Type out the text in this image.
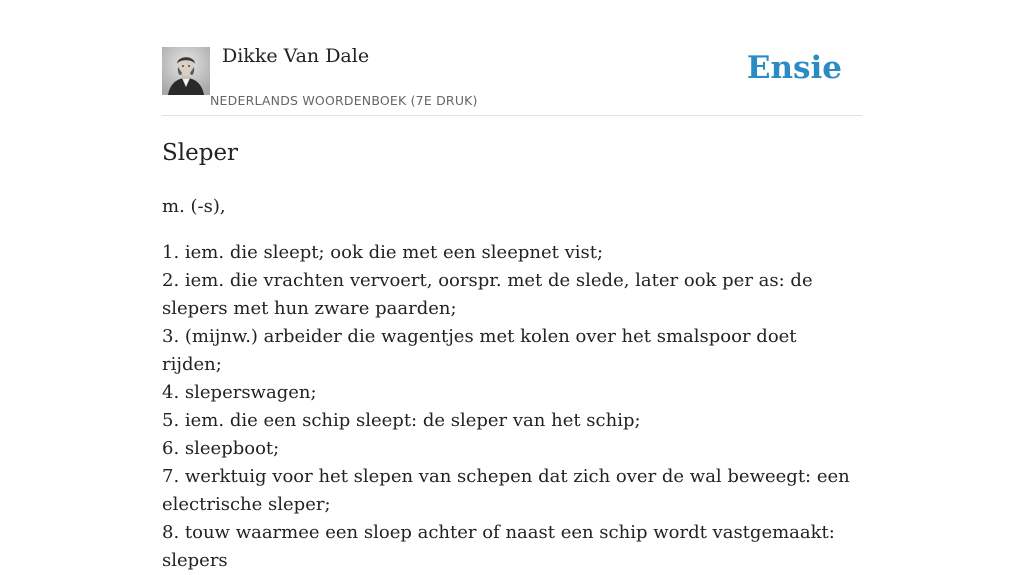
Dikke Van Dale
NEDERLANDS WOORDENBOEK (7E DRUK)
Ensie
Sleper

m. (-s),

1. iem. die sleept; ook die met een sleepnet vist;
2. iem. die vrachten vervoert, oorspr. met de slede, later ook per as: de slepers met hun zware paarden;
3. (mijnw.) arbeider die wagentjes met kolen over het smalspoor doet rijden;
4. sleperswagen;
5. iem. die een schip sleept: de sleper van het schip;
6. sleepboot;
7. werktuig voor het slepen van schepen dat zich over de wal beweegt: een electrische sleper;
8. touw waarmee een sloep achter of naast een schip wordt vastgemaakt: slepers
